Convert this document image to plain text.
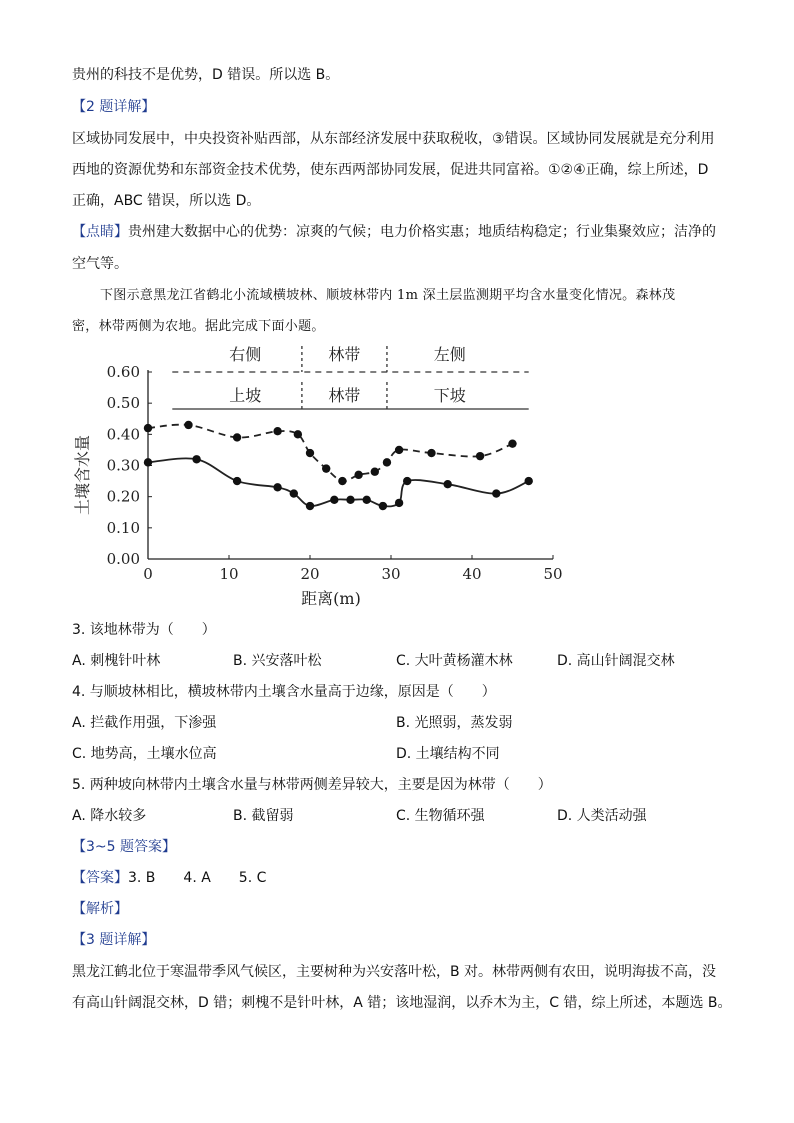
贵州的科技不是优势，D 错误。所以选 B。
【2 题详解】
区域协同发展中，中央投资补贴西部，从东部经济发展中获取税收，③错误。区域协同发展就是充分利用
西地的资源优势和东部资金技术优势，使东西两部协同发展，促进共同富裕。①②④正确，综上所述，D
正确，ABC 错误，所以选 D。
【点睛】贵州建大数据中心的优势：凉爽的气候；电力价格实惠；地质结构稳定；行业集聚效应；洁净的
空气等。
下图示意黑龙江省鹤北小流域横坡林、顺坡林带内 1m 深土层监测期平均含水量变化情况。森林茂
密，林带两侧为农地。据此完成下面小题。
0.00
0.10
0.20
0.30
0.40
0.50
0.60
0	10	20	30	40	50
右侧	林带	左侧
上坡	林带	下坡
距离(m)
土壤含水量
3. 该地林带为（　　）
A. 刺槐针叶林	B. 兴安落叶松	C. 大叶黄杨灌木林	D. 高山针阔混交林
4. 与顺坡林相比，横坡林带内土壤含水量高于边缘，原因是（　　）
A. 拦截作用强，下渗强	B. 光照弱，蒸发弱
C. 地势高，土壤水位高	D. 土壤结构不同
5. 两种坡向林带内土壤含水量与林带两侧差异较大，主要是因为林带（　　）
A. 降水较多	B. 截留弱	C. 生物循环强	D. 人类活动强
【3~5 题答案】
【答案】3. B　　4. A　　5. C
【解析】
【3 题详解】
黑龙江鹤北位于寒温带季风气候区，主要树种为兴安落叶松，B 对。林带两侧有农田，说明海拔不高，没
有高山针阔混交林，D 错；刺槐不是针叶林，A 错；该地湿润，以乔木为主，C 错，综上所述，本题选 B。
